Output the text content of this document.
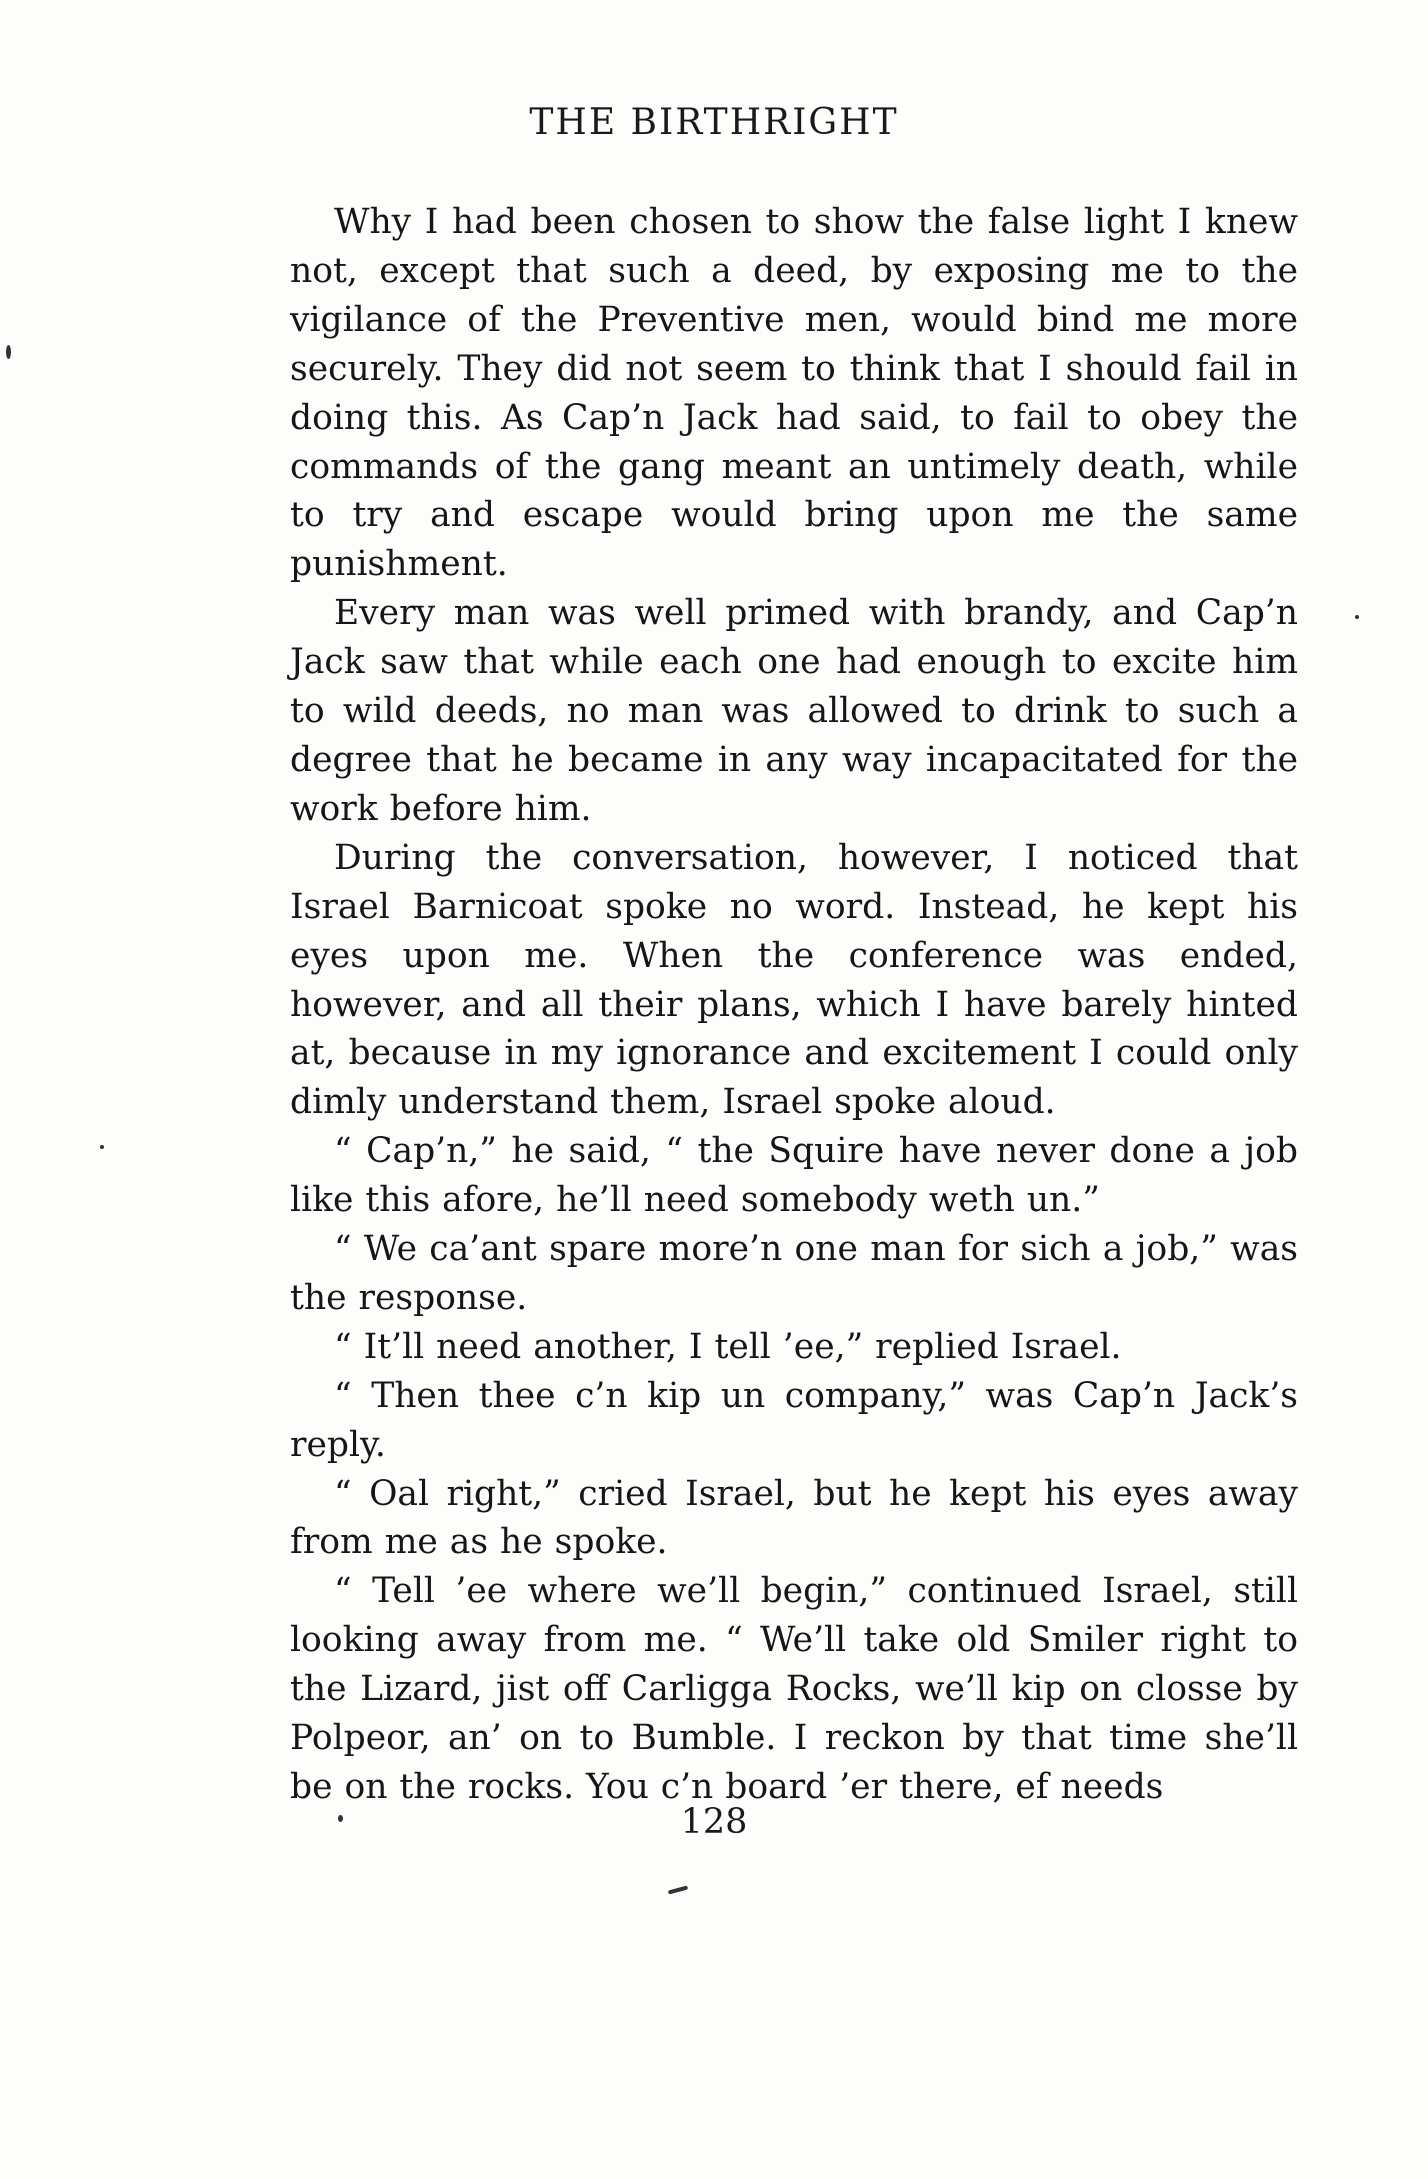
THE BIRTHRIGHT

Why I had been chosen to show the false light I knew not, except that such a deed, by exposing me to the vigilance of the Preventive men, would bind me more securely. They did not seem to think that I should fail in doing this. As Cap’n Jack had said, to fail to obey the commands of the gang meant an untimely death, while to try and escape would bring upon me the same punishment.

Every man was well primed with brandy, and Cap’n Jack saw that while each one had enough to excite him to wild deeds, no man was allowed to drink to such a degree that he became in any way incapacitated for the work before him.

During the conversation, however, I noticed that Israel Barnicoat spoke no word. Instead, he kept his eyes upon me. When the conference was ended, however, and all their plans, which I have barely hinted at, because in my ignorance and excitement I could only dimly understand them, Israel spoke aloud.

“ Cap’n,” he said, “ the Squire have never done a job like this afore, he’ll need somebody weth un.”

“ We ca’ant spare more’n one man for sich a job,” was the response.

“ It’ll need another, I tell ’ee,” replied Israel.

“ Then thee c’n kip un company,” was Cap’n Jack’s reply.

“ Oal right,” cried Israel, but he kept his eyes away from me as he spoke.

“ Tell ’ee where we’ll begin,” continued Israel, still looking away from me. “ We’ll take old Smiler right to the Lizard, jist off Carligga Rocks, we’ll kip on closse by Polpeor, an’ on to Bumble. I reckon by that time she’ll be on the rocks. You c’n board ’er there, ef needs

128
